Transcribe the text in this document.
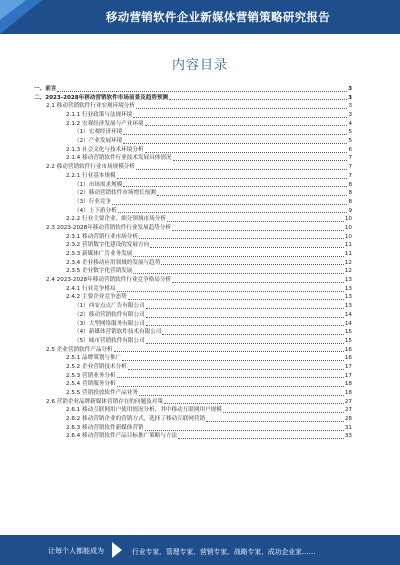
移动营销软件企业新媒体营销策略研究报告
内容目录
一、前言	3
二、2023-2028年移动营销软件市场前景及趋势预测	3
2.1 移动营销软件行业宏观环境分析	3
2.1.1 行业政策与法规环境	3
2.1.2 宏观经济发展与产业环境	4
（1）宏观经济环境	5
（2）产业发展环境	5
2.1.3 社会文化与技术环境分析	6
2.1.4 移动营销软件行业技术发展具体情况	7
2.2 移动营销软件行业市场规模分析	7
2.2.1 行业基本规模	7
（1）市场需求规模	8
（2）移动营销软件市场增长预测	8
（3）行业竞争	8
（4）上下游分析	9
2.2.2 行业主要企业、细分领域市场分析	10
2.3 2023-2028年移动营销软件行业发展趋势分析	10
2.3.1 移动营销行业市场分析	10
2.3.2 营销数字化建设的发展方向	11
2.3.3 新媒体广告业务发展	11
2.3.4 企业移动应用领域的发展与趋势	12
2.3.5 企业数字化营销发展	12
2.4 2023-2028年移动营销软件行业竞争格局分析	13
2.4.1 行业竞争格局	13
2.4.2 主要企业竞争态势	13
（1）西安点点广告有限公司	13
（2）移动营销软件有限公司	14
（3）大型网络服务有限公司	14
（4）新媒体营销软件技术有限公司	15
（5）城市营销软件有限公司	15
2.5 企业营销软件产品分析	16
2.5.1 品牌策划与推广	16
2.5.2 企业营销技术分析	17
2.5.3 营销业务分析	17
2.5.4 营销服务分析	18
2.5.5 营销投放软件产品业务	18
2.6 营销企业品牌新媒体营销存在的问题及对策	27
2.6.1 移动互联网用户使用情况分析，其中移动互联网用户规模	27
2.6.2 移动营销企业的营销方式，选择了移动互联网营销	28
2.6.3 移动营销软件新媒体营销	31
2.6.4 移动营销软件产品目标推广策略与方法	33
让每个人都能成为	行业专家、管理专家、营销专家、战略专家、成功企业家……
